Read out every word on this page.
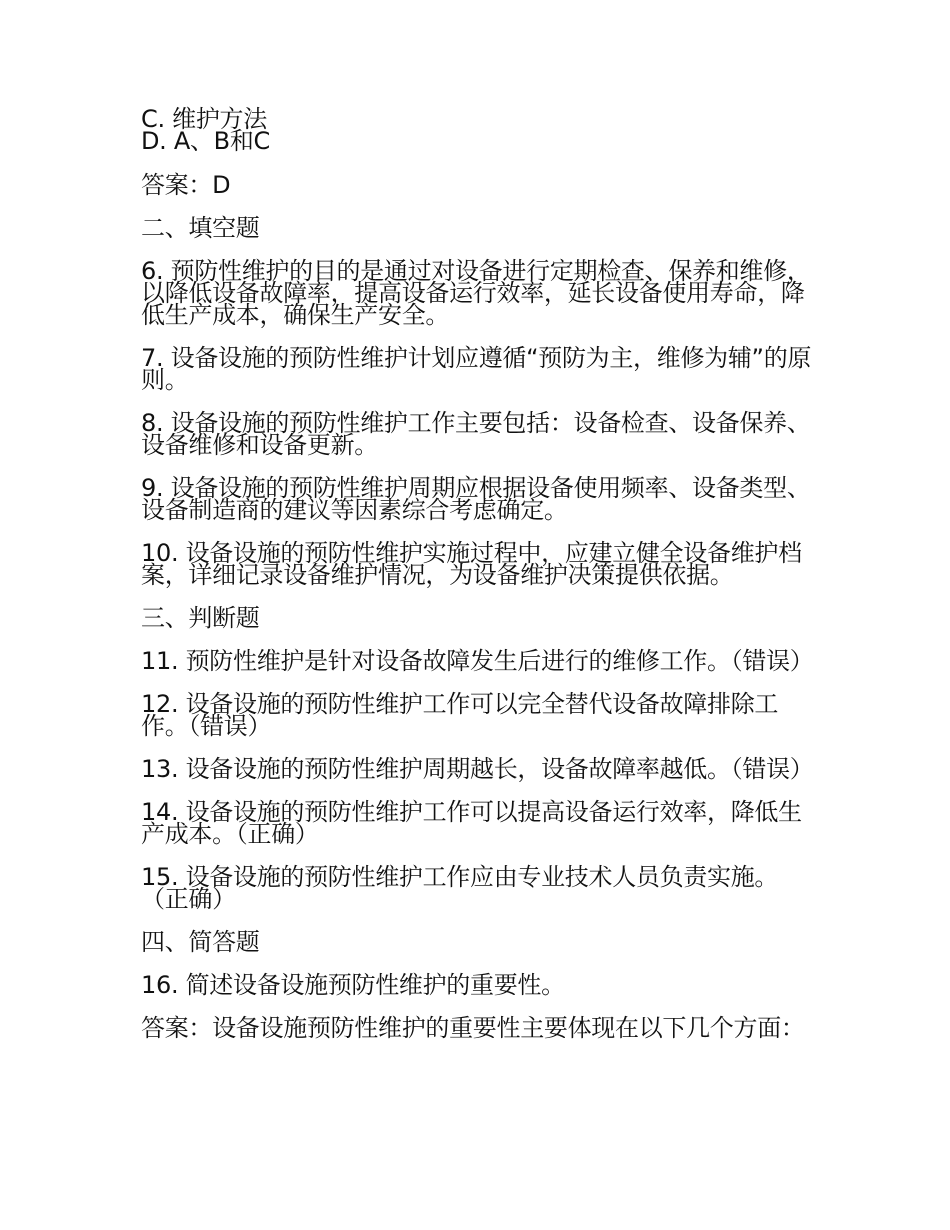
C. 维护方法
D. A、B和C
答案：D
二、填空题
6. 预防性维护的目的是通过对设备进行定期检查、保养和维修，以降低设备故障率，提高设备运行效率，延长设备使用寿命，降低生产成本，确保生产安全。
7. 设备设施的预防性维护计划应遵循“预防为主，维修为辅”的原则。
8. 设备设施的预防性维护工作主要包括：设备检查、设备保养、设备维修和设备更新。
9. 设备设施的预防性维护周期应根据设备使用频率、设备类型、设备制造商的建议等因素综合考虑确定。
10. 设备设施的预防性维护实施过程中，应建立健全设备维护档案，详细记录设备维护情况，为设备维护决策提供依据。
三、判断题
11. 预防性维护是针对设备故障发生后进行的维修工作。（错误）
12. 设备设施的预防性维护工作可以完全替代设备故障排除工作。（错误）
13. 设备设施的预防性维护周期越长，设备故障率越低。（错误）
14. 设备设施的预防性维护工作可以提高设备运行效率，降低生产成本。（正确）
15. 设备设施的预防性维护工作应由专业技术人员负责实施。（正确）
四、简答题
16. 简述设备设施预防性维护的重要性。
答案：设备设施预防性维护的重要性主要体现在以下几个方面：
